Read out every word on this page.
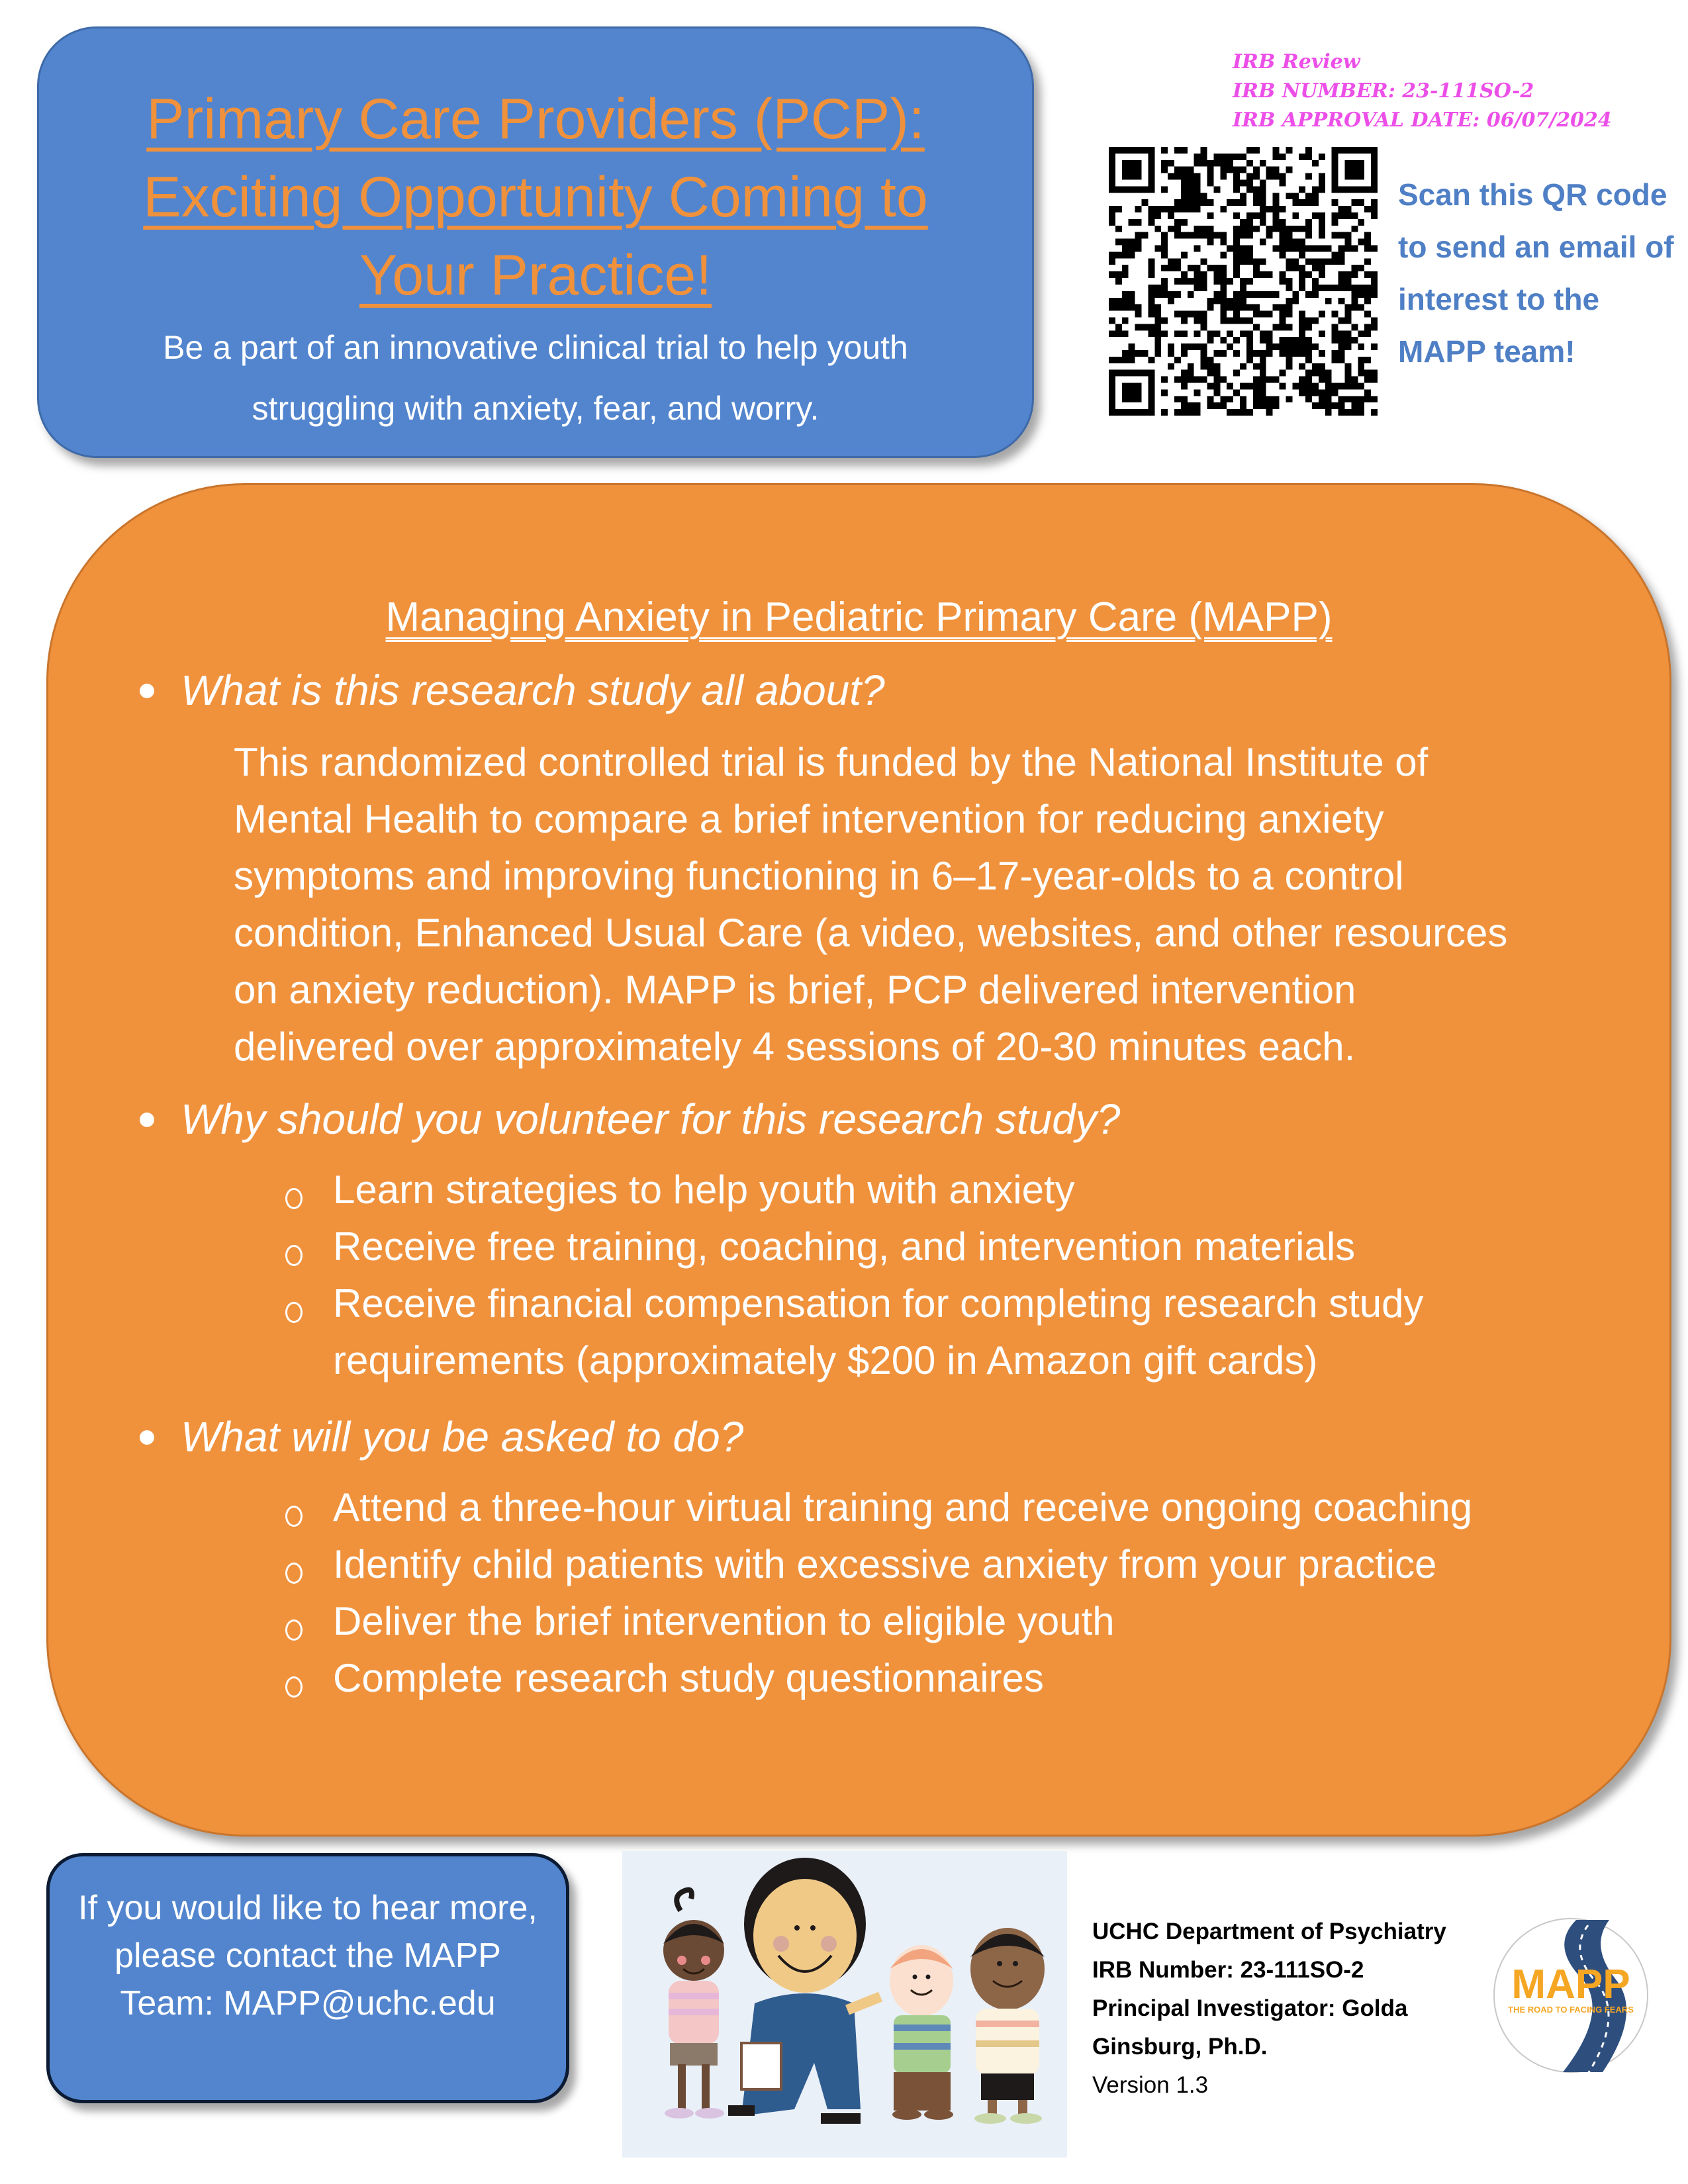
Primary Care Providers (PCP):
Exciting Opportunity Coming to
Your Practice!
Be a part of an innovative clinical trial to help youth struggling with anxiety, fear, and worry.
IRB Review
IRB NUMBER: 23-111SO-2
IRB APPROVAL DATE: 06/07/2024
Scan this QR code
to send an email of
interest to the
MAPP team!
Managing Anxiety in Pediatric Primary Care (MAPP)
What is this research study all about?
This randomized controlled trial is funded by the National Institute of
Mental Health to compare a brief intervention for reducing anxiety
symptoms and improving functioning in 6–17-year-olds to a control
condition, Enhanced Usual Care (a video, websites, and other resources
on anxiety reduction). MAPP is brief, PCP delivered intervention
delivered over approximately 4 sessions of 20-30 minutes each.
Why should you volunteer for this research study?
Learn strategies to help youth with anxiety
Receive free training, coaching, and intervention materials
Receive financial compensation for completing research study
requirements (approximately $200 in Amazon gift cards)
What will you be asked to do?
Attend a three-hour virtual training and receive ongoing coaching
Identify child patients with excessive anxiety from your practice
Deliver the brief intervention to eligible youth
Complete research study questionnaires
If you would like to hear more,
please contact the MAPP
Team: MAPP@uchc.edu
UCHC Department of Psychiatry
IRB Number: 23-111SO-2
Principal Investigator: Golda
Ginsburg, Ph.D.
Version 1.3
MAPP
THE ROAD TO FACING FEARS
